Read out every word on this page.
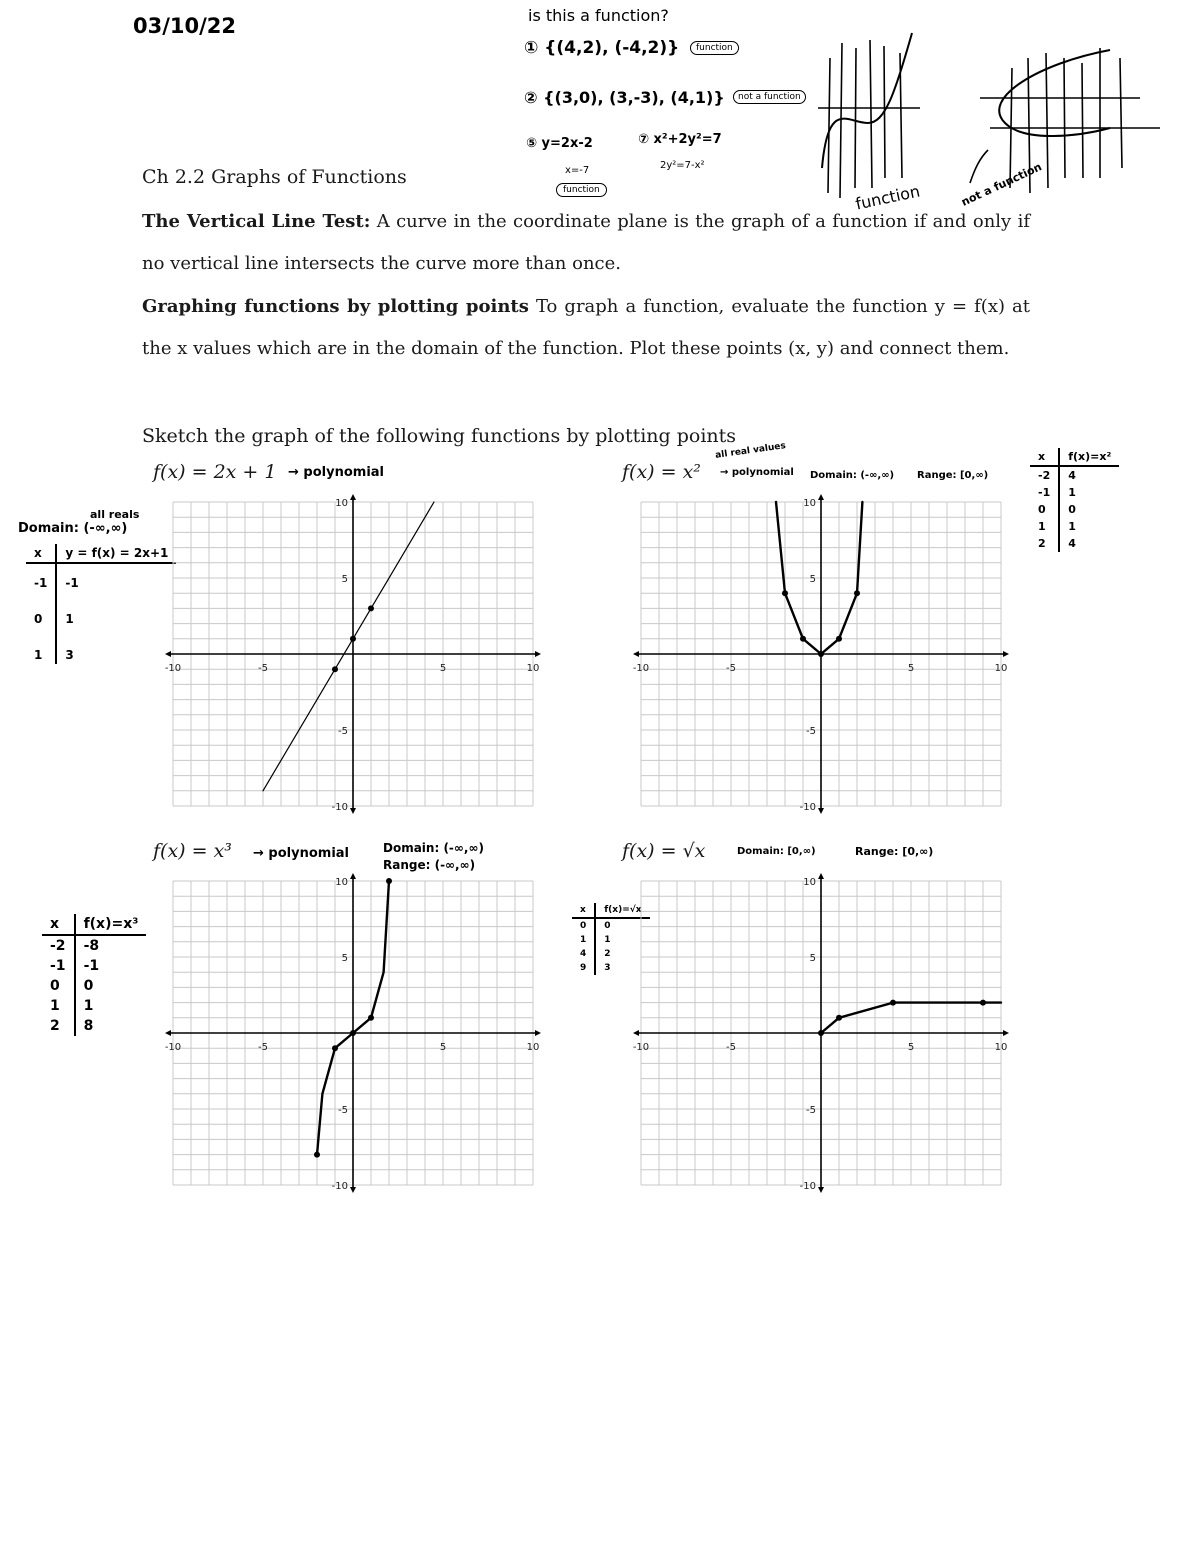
03/10/22	is this a function?
① {(4,2), (-4,2)}	function
② {(3,0), (3,-3), (4,1)}	not a function
⑤ y=2x-2
x=-7
function
⑦ x²+2y²=7
2y²=7-x²
function	not a function
Ch 2.2 Graphs of Functions
The Vertical Line Test: A curve in the coordinate plane is the graph of a function if and only if no vertical line intersects the curve more than once.
Graphing functions by plotting points To graph a function, evaluate the function y = f(x) at the x values which are in the domain of the function. Plot these points (x, y) and connect them.
Sketch the graph of the following functions by plotting points
f(x) = 2x + 1 → polynomial
all reals
Domain: (-∞,∞)
x	y = f(x) = 2x+1
-1	-1
0	1
1	3
-10	-5	5	10
10
5
-5
-10
f(x) = x² → polynomial
all real values
Domain: (-∞,∞) Range: [0,∞)
x	f(x)=x²
-2	4
-1	1
0	0
1	1
2	4
-10	-5	5	10
10
5
-5
-10
f(x) = x³ → polynomial	Domain: (-∞,∞)
Range: (-∞,∞)
x	f(x)=x³
-2	-8
-1	-1
0	0
1	1
2	8
-10	-5	5	10
10
5
-5
-10
f(x) = √x	Domain: [0,∞)	Range: [0,∞)
x	f(x)=√x
0	0
1	1
4	2
9	3
-10	-5	5	10
10
5
-5
-10
